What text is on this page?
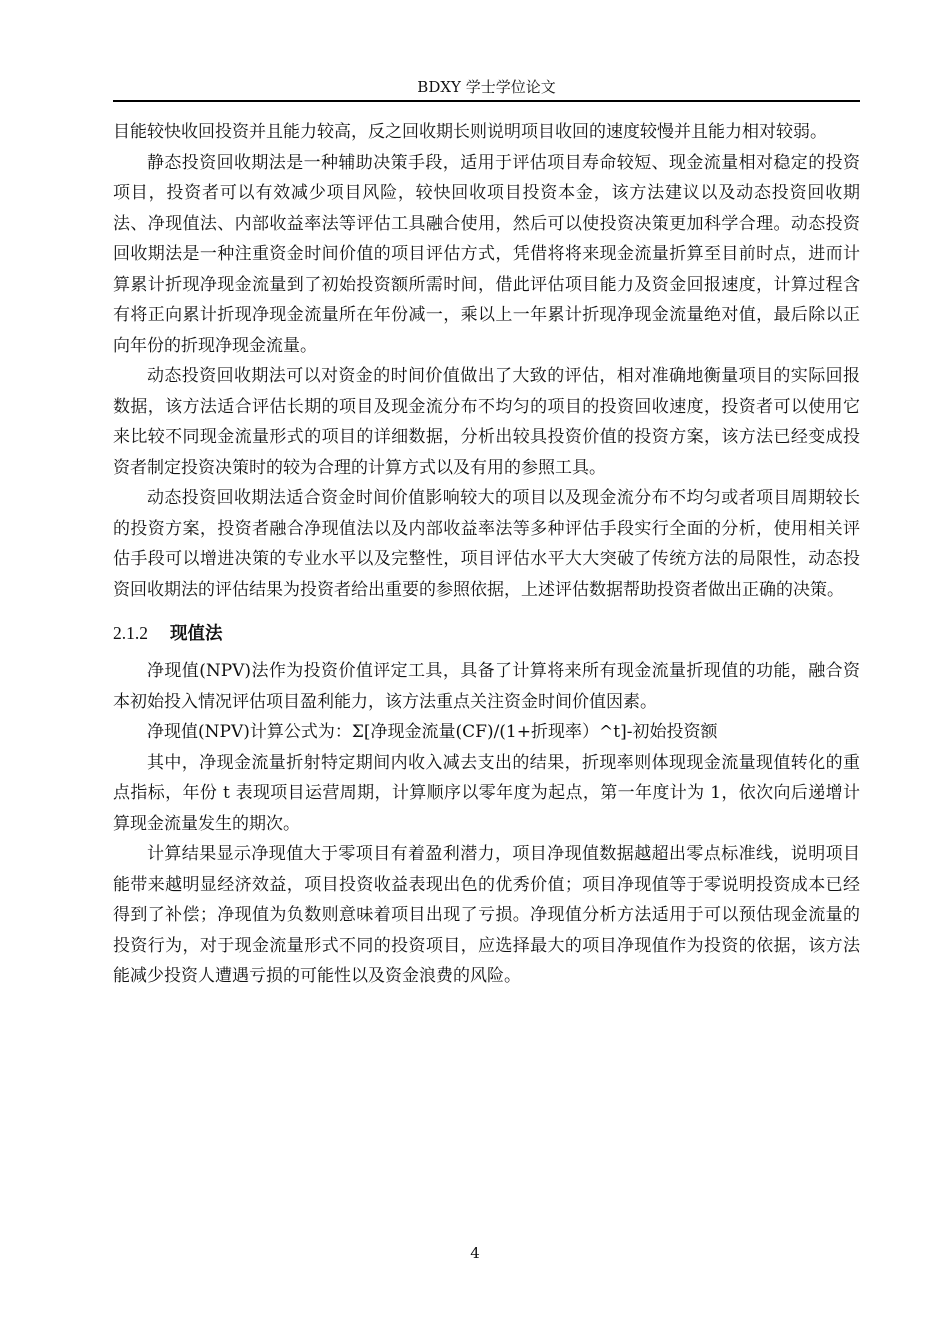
BDXY 学士学位论文

目能较快收回投资并且能力较高，反之回收期长则说明项目收回的速度较慢并且能力相对较弱。

静态投资回收期法是一种辅助决策手段，适用于评估项目寿命较短、现金流量相对稳定的投资项目，投资者可以有效减少项目风险，较快回收项目投资本金，该方法建议以及动态投资回收期法、净现值法、内部收益率法等评估工具融合使用，然后可以使投资决策更加科学合理。动态投资回收期法是一种注重资金时间价值的项目评估方式，凭借将将来现金流量折算至目前时点，进而计算累计折现净现金流量到了初始投资额所需时间，借此评估项目能力及资金回报速度，计算过程含有将正向累计折现净现金流量所在年份减一，乘以上一年累计折现净现金流量绝对值，最后除以正向年份的折现净现金流量。

动态投资回收期法可以对资金的时间价值做出了大致的评估，相对准确地衡量项目的实际回报数据，该方法适合评估长期的项目及现金流分布不均匀的项目的投资回收速度，投资者可以使用它来比较不同现金流量形式的项目的详细数据，分析出较具投资价值的投资方案，该方法已经变成投资者制定投资决策时的较为合理的计算方式以及有用的参照工具。

动态投资回收期法适合资金时间价值影响较大的项目以及现金流分布不均匀或者项目周期较长的投资方案，投资者融合净现值法以及内部收益率法等多种评估手段实行全面的分析，使用相关评估手段可以增进决策的专业水平以及完整性，项目评估水平大大突破了传统方法的局限性，动态投资回收期法的评估结果为投资者给出重要的参照依据，上述评估数据帮助投资者做出正确的决策。

2.1.2 现值法

净现值(NPV)法作为投资价值评定工具，具备了计算将来所有现金流量折现值的功能，融合资本初始投入情况评估项目盈利能力，该方法重点关注资金时间价值因素。

净现值(NPV)计算公式为：Σ[净现金流量(CF)/(1+折现率）^t]-初始投资额

其中，净现金流量折射特定期间内收入减去支出的结果，折现率则体现现金流量现值转化的重点指标，年份 t 表现项目运营周期，计算顺序以零年度为起点，第一年度计为 1，依次向后递增计算现金流量发生的期次。

计算结果显示净现值大于零项目有着盈利潜力，项目净现值数据越超出零点标准线，说明项目能带来越明显经济效益，项目投资收益表现出色的优秀价值；项目净现值等于零说明投资成本已经得到了补偿；净现值为负数则意味着项目出现了亏损。净现值分析方法适用于可以预估现金流量的投资行为，对于现金流量形式不同的投资项目，应选择最大的项目净现值作为投资的依据，该方法能减少投资人遭遇亏损的可能性以及资金浪费的风险。

4
